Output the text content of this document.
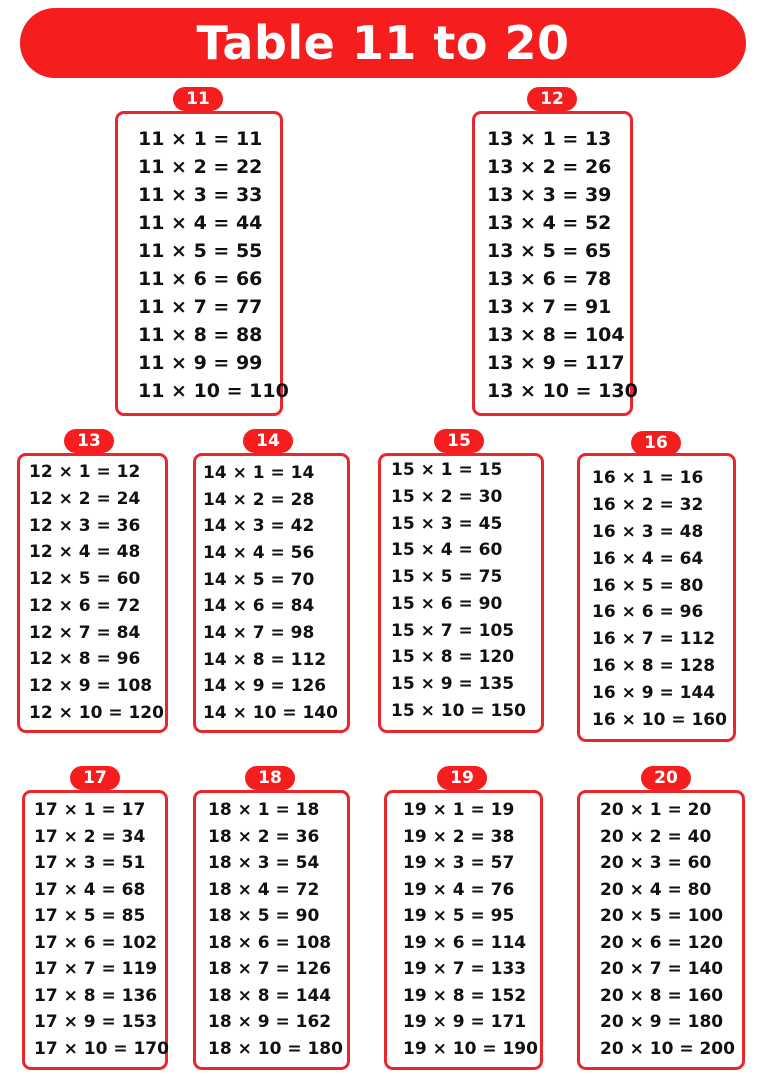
Table 11 to 20
11
11 × 1 = 11
11 × 2 = 22
11 × 3 = 33
11 × 4 = 44
11 × 5 = 55
11 × 6 = 66
11 × 7 = 77
11 × 8 = 88
11 × 9 = 99
11 × 10 = 110
12
13 × 1 = 13
13 × 2 = 26
13 × 3 = 39
13 × 4 = 52
13 × 5 = 65
13 × 6 = 78
13 × 7 = 91
13 × 8 = 104
13 × 9 = 117
13 × 10 = 130
13
12 × 1 = 12
12 × 2 = 24
12 × 3 = 36
12 × 4 = 48
12 × 5 = 60
12 × 6 = 72
12 × 7 = 84
12 × 8 = 96
12 × 9 = 108
12 × 10 = 120
14
14 × 1 = 14
14 × 2 = 28
14 × 3 = 42
14 × 4 = 56
14 × 5 = 70
14 × 6 = 84
14 × 7 = 98
14 × 8 = 112
14 × 9 = 126
14 × 10 = 140
15
15 × 1 = 15
15 × 2 = 30
15 × 3 = 45
15 × 4 = 60
15 × 5 = 75
15 × 6 = 90
15 × 7 = 105
15 × 8 = 120
15 × 9 = 135
15 × 10 = 150
16
16 × 1 = 16
16 × 2 = 32
16 × 3 = 48
16 × 4 = 64
16 × 5 = 80
16 × 6 = 96
16 × 7 = 112
16 × 8 = 128
16 × 9 = 144
16 × 10 = 160
17
17 × 1 = 17
17 × 2 = 34
17 × 3 = 51
17 × 4 = 68
17 × 5 = 85
17 × 6 = 102
17 × 7 = 119
17 × 8 = 136
17 × 9 = 153
17 × 10 = 170
18
18 × 1 = 18
18 × 2 = 36
18 × 3 = 54
18 × 4 = 72
18 × 5 = 90
18 × 6 = 108
18 × 7 = 126
18 × 8 = 144
18 × 9 = 162
18 × 10 = 180
19
19 × 1 = 19
19 × 2 = 38
19 × 3 = 57
19 × 4 = 76
19 × 5 = 95
19 × 6 = 114
19 × 7 = 133
19 × 8 = 152
19 × 9 = 171
19 × 10 = 190
20
20 × 1 = 20
20 × 2 = 40
20 × 3 = 60
20 × 4 = 80
20 × 5 = 100
20 × 6 = 120
20 × 7 = 140
20 × 8 = 160
20 × 9 = 180
20 × 10 = 200
